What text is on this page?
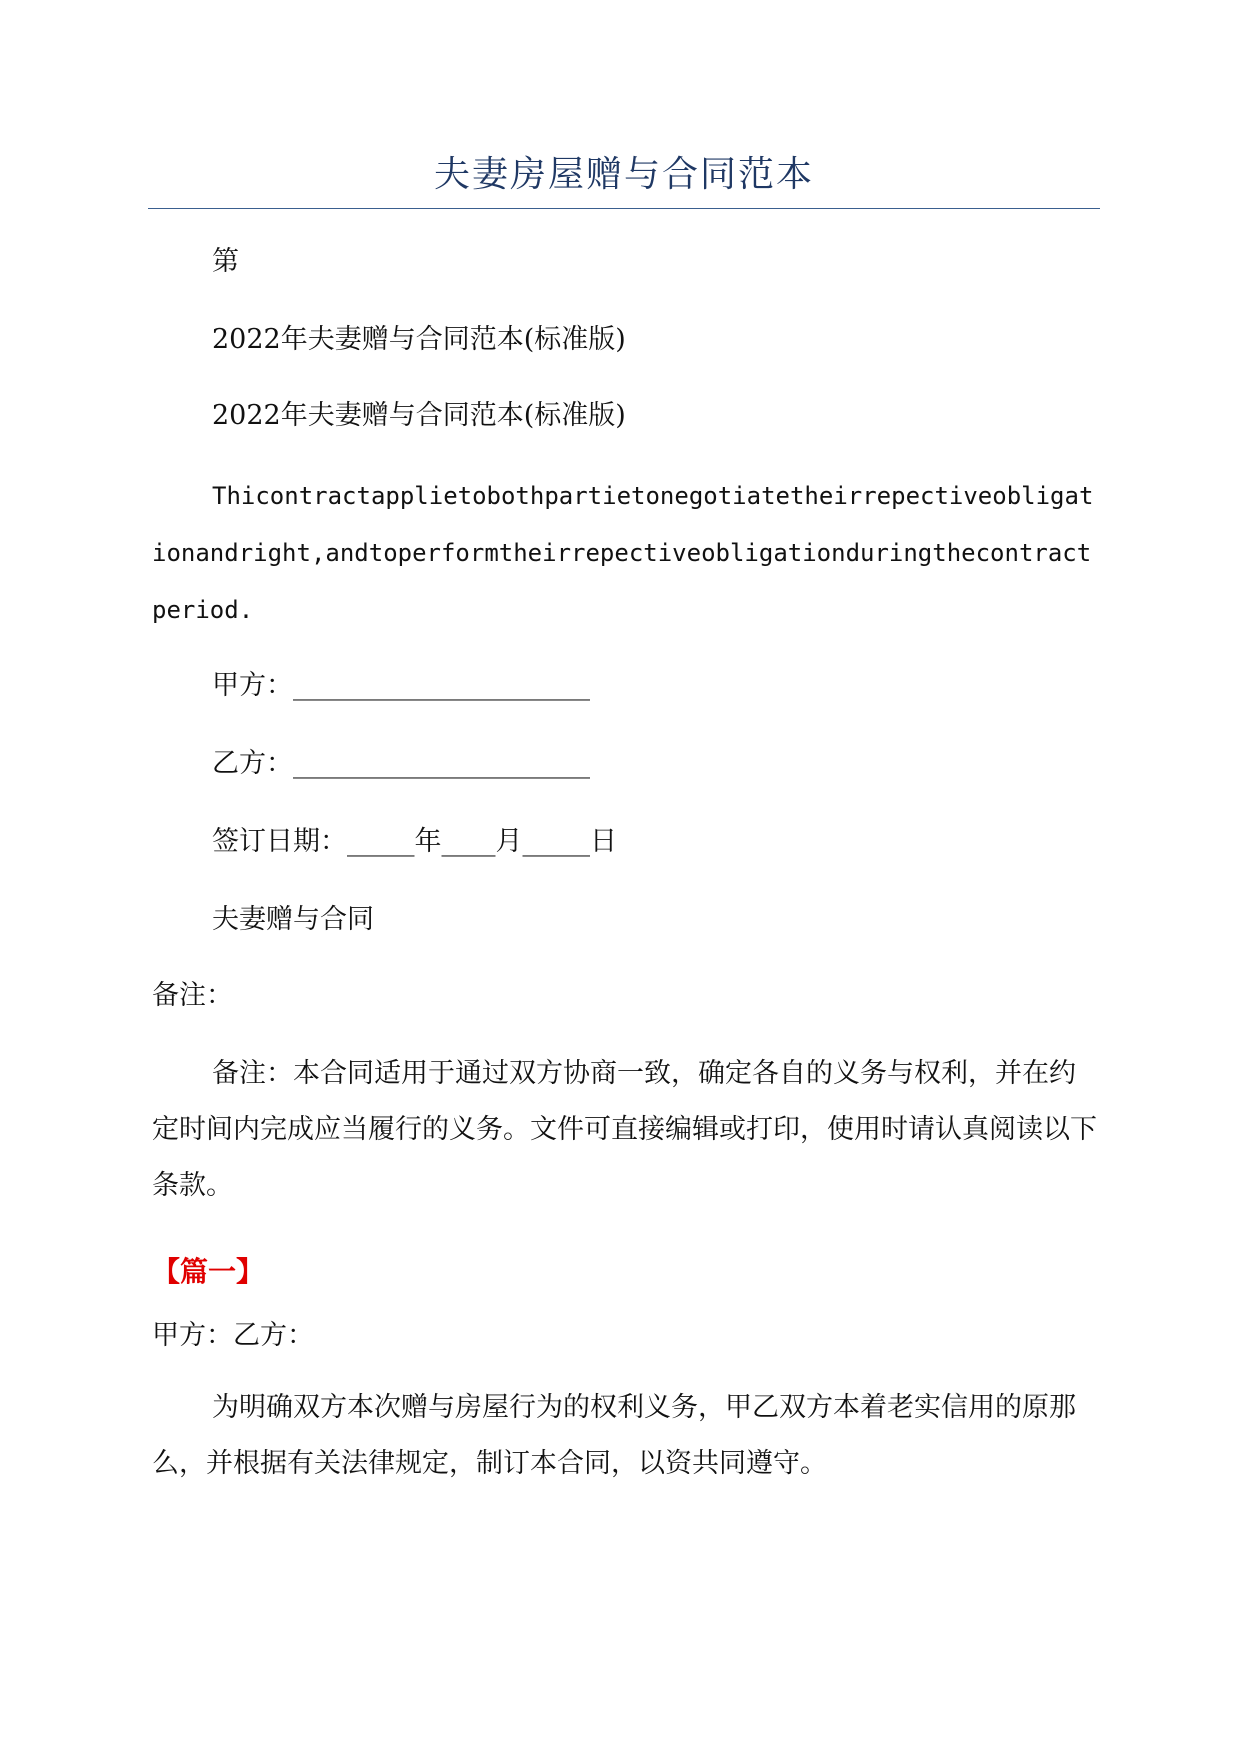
夫妻房屋赠与合同范本
第
2022年夫妻赠与合同范本(标准版)
2022年夫妻赠与合同范本(标准版)
Thicontractapplietobothpartietonegotiatetheirrepectiveobligationandright,andtoperformtheirrepectiveobligationduringthecontractperiod.
甲方：______________________
乙方：______________________
签订日期：_____年____月_____日
夫妻赠与合同
备注：
备注：本合同适用于通过双方协商一致，确定各自的义务与权利，并在约定时间内完成应当履行的义务。文件可直接编辑或打印，使用时请认真阅读以下条款。
【篇一】
甲方：乙方：
为明确双方本次赠与房屋行为的权利义务，甲乙双方本着老实信用的原那么，并根据有关法律规定，制订本合同，以资共同遵守。
